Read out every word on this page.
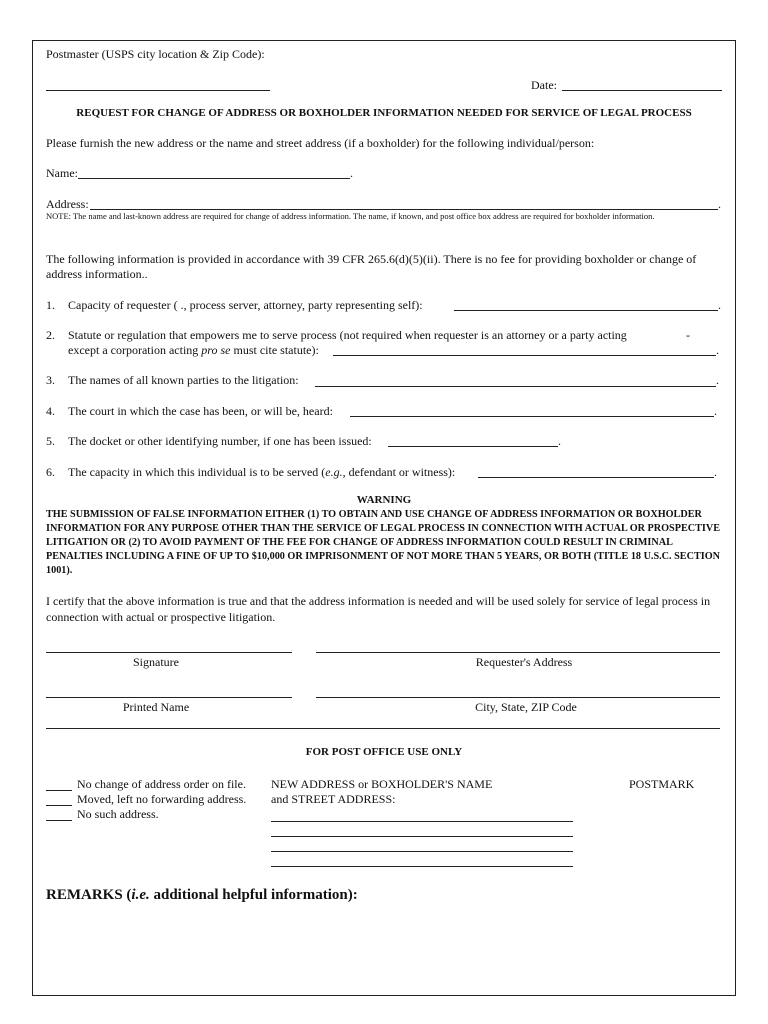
Postmaster (USPS city location & Zip Code):
Date:
REQUEST FOR CHANGE OF ADDRESS OR BOXHOLDER INFORMATION NEEDED FOR SERVICE OF LEGAL PROCESS
Please furnish the new address or the name and street address (if a boxholder) for the following individual/person:
Name:	.
Address:	.
NOTE: The name and last-known address are required for change of address information. The name, if known, and post office box address are required for boxholder information.
The following information is provided in accordance with 39 CFR 265.6(d)(5)(ii). There is no fee for providing boxholder or change of address information..
1. Capacity of requester ( ., process server, attorney, party representing self):	.
2. Statute or regulation that empowers me to serve process (not required when requester is an attorney or a party acting	-
except a corporation acting pro se must cite statute):	.
3. The names of all known parties to the litigation:	.
4. The court in which the case has been, or will be, heard:	.
5. The docket or other identifying number, if one has been issued:	.
6. The capacity in which this individual is to be served (e.g., defendant or witness):	.
WARNING
THE SUBMISSION OF FALSE INFORMATION EITHER (1) TO OBTAIN AND USE CHANGE OF ADDRESS INFORMATION OR BOXHOLDER INFORMATION FOR ANY PURPOSE OTHER THAN THE SERVICE OF LEGAL PROCESS IN CONNECTION WITH ACTUAL OR PROSPECTIVE LITIGATION OR (2) TO AVOID PAYMENT OF THE FEE FOR CHANGE OF ADDRESS INFORMATION COULD RESULT IN CRIMINAL PENALTIES INCLUDING A FINE OF UP TO $10,000 OR IMPRISONMENT OF NOT MORE THAN 5 YEARS, OR BOTH (TITLE 18 U.S.C. SECTION 1001).
I certify that the above information is true and that the address information is needed and will be used solely for service of legal process in connection with actual or prospective litigation.
Signature	Requester's Address
Printed Name	City, State, ZIP Code
FOR POST OFFICE USE ONLY
No change of address order on file.
Moved, left no forwarding address.
No such address.
NEW ADDRESS or BOXHOLDER'S NAME
and STREET ADDRESS:
POSTMARK
REMARKS (i.e. additional helpful information):
